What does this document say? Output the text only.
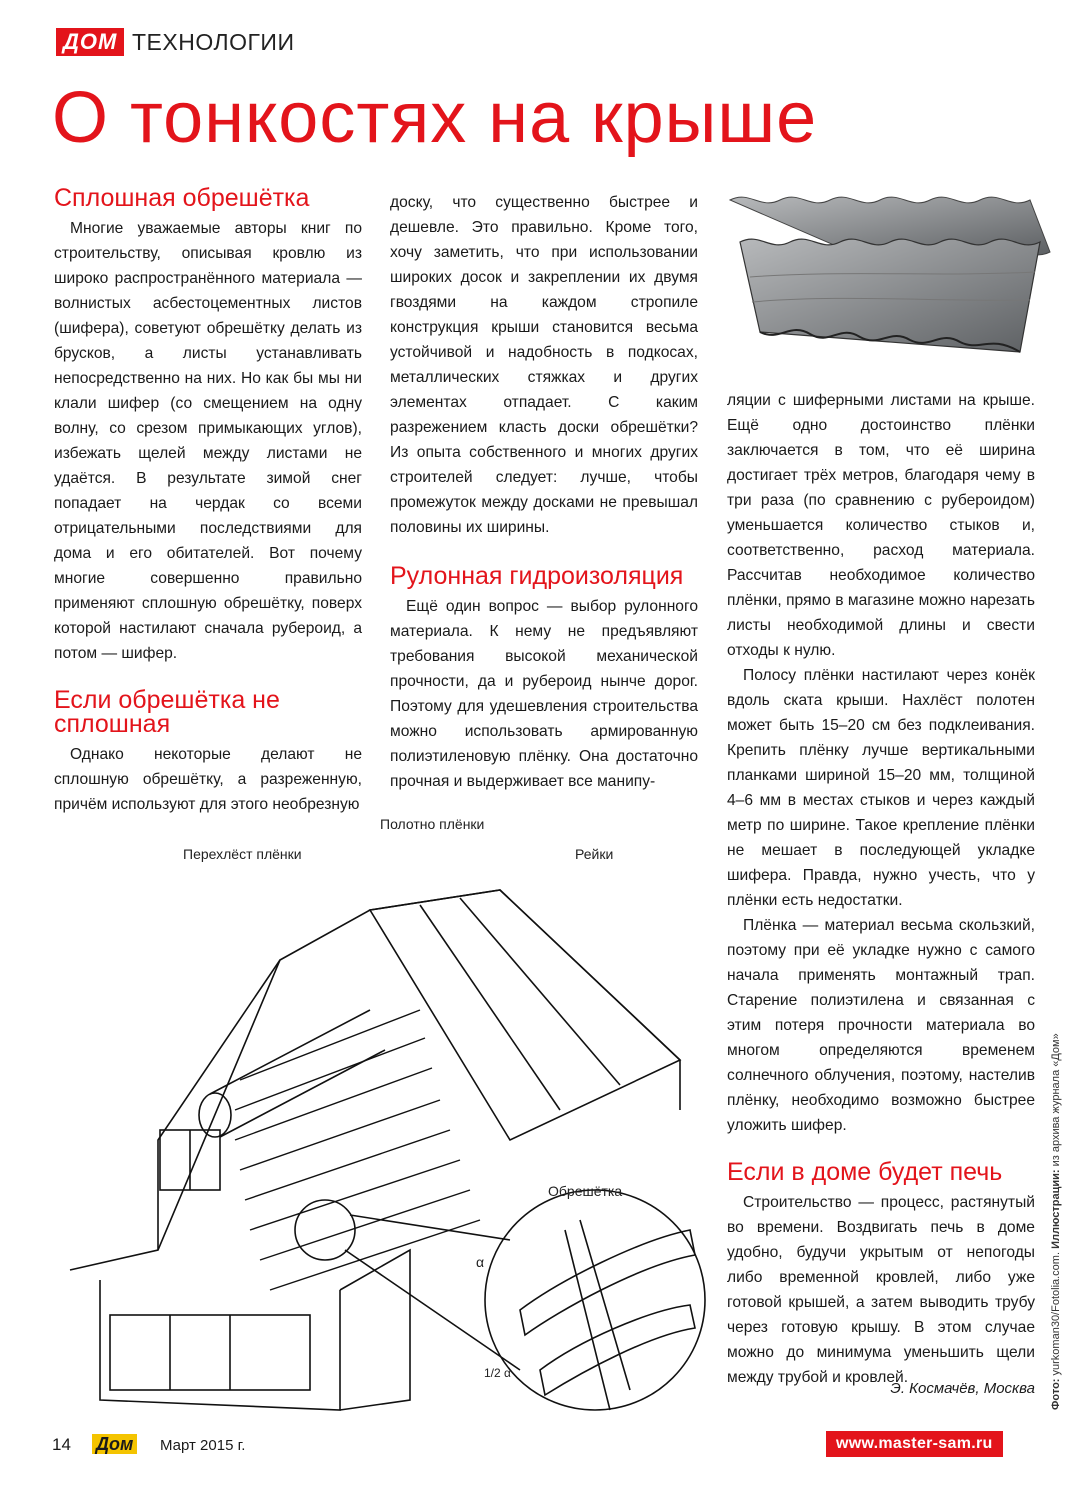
ДОМ ТЕХНОЛОГИИ
О тонкостях на крыше
Сплошная обрешётка

Многие уважаемые авторы книг по строительству, описывая кровлю из широко распространённого материала — волнистых асбестоцементных листов (шифера), советуют обрешётку делать из брусков, а листы устанавливать непосредственно на них. Но как бы мы ни клали шифер (со смещением на одну волну, со срезом примыкающих углов), избежать щелей между листами не удаётся. В результате зимой снег попадает на чердак со всеми отрицательными последствиями для дома и его обитателей. Вот почему многие совершенно правильно применяют сплошную обрешётку, поверх которой настилают сначала рубероид, а потом — шифер.

Если обрешётка не сплошная

Однако некоторые делают не сплошную обрешётку, а разреженную, причём используют для этого необрезную

доску, что существенно быстрее и дешевле. Это правильно. Кроме того, хочу заметить, что при использовании широких досок и закреплении их двумя гвоздями на каждом стропиле конструкция крыши становится весьма устойчивой и надобность в подкосах, металлических стяжках и других элементах отпадает. С каким разрежением класть доски обрешётки? Из опыта собственного и многих других строителей следует: лучше, чтобы промежуток между досками не превышал половины их ширины.

Рулонная гидроизоляция

Ещё один вопрос — выбор рулонного материала. К нему не предъявляют требования высокой механической прочности, да и рубероид нынче дорог. Поэтому для удешевления строительства можно использовать армированную полиэтиленовую плёнку. Она достаточно прочная и выдерживает все манипу-

ляции с шиферными листами на крыше. Ещё одно достоинство плёнки заключается в том, что её ширина достигает трёх метров, благодаря чему в три раза (по сравнению с рубероидом) уменьшается количество стыков и, соответственно, расход материала. Рассчитав необходимое количество плёнки, прямо в магазине можно нарезать листы необходимой длины и свести отходы к нулю.

Полосу плёнки настилают через конёк вдоль ската крыши. Нахлёст полотен может быть 15–20 см без подклеивания. Крепить плёнку лучше вертикальными планками шириной 15–20 мм, толщиной 4–6 мм в местах стыков и через каждый метр по ширине. Такое крепление плёнки не мешает в последующей укладке шифера. Правда, нужно учесть, что у плёнки есть недостатки.

Плёнка — материал весьма скользкий, поэтому при её укладке нужно с самого начала применять монтажный трап. Старение полиэтилена и связанная с этим потеря прочности материала во многом определяются временем солнечного облучения, поэтому, настелив плёнку, необходимо возможно быстрее уложить шифер.

Если в доме будет печь

Строительство — процесс, растянутый во времени. Воздвигать печь в доме удобно, будучи укрытым от непогоды либо временной кровлей, либо уже готовой крышей, а затем выводить трубу через готовую крышу. В этом случае можно до минимума уменьшить щели между трубой и кровлей.

Э. Космачёв, Москва Фото: yurkoman30/Fotolia.com. Иллюстрации: из архива журнала «Дом»
Перехлёст плёнки
Полотно плёнки
Рейки
Обрешётка
α
1/2 α
14 Дом Март 2015 г.	www.master-sam.ru
